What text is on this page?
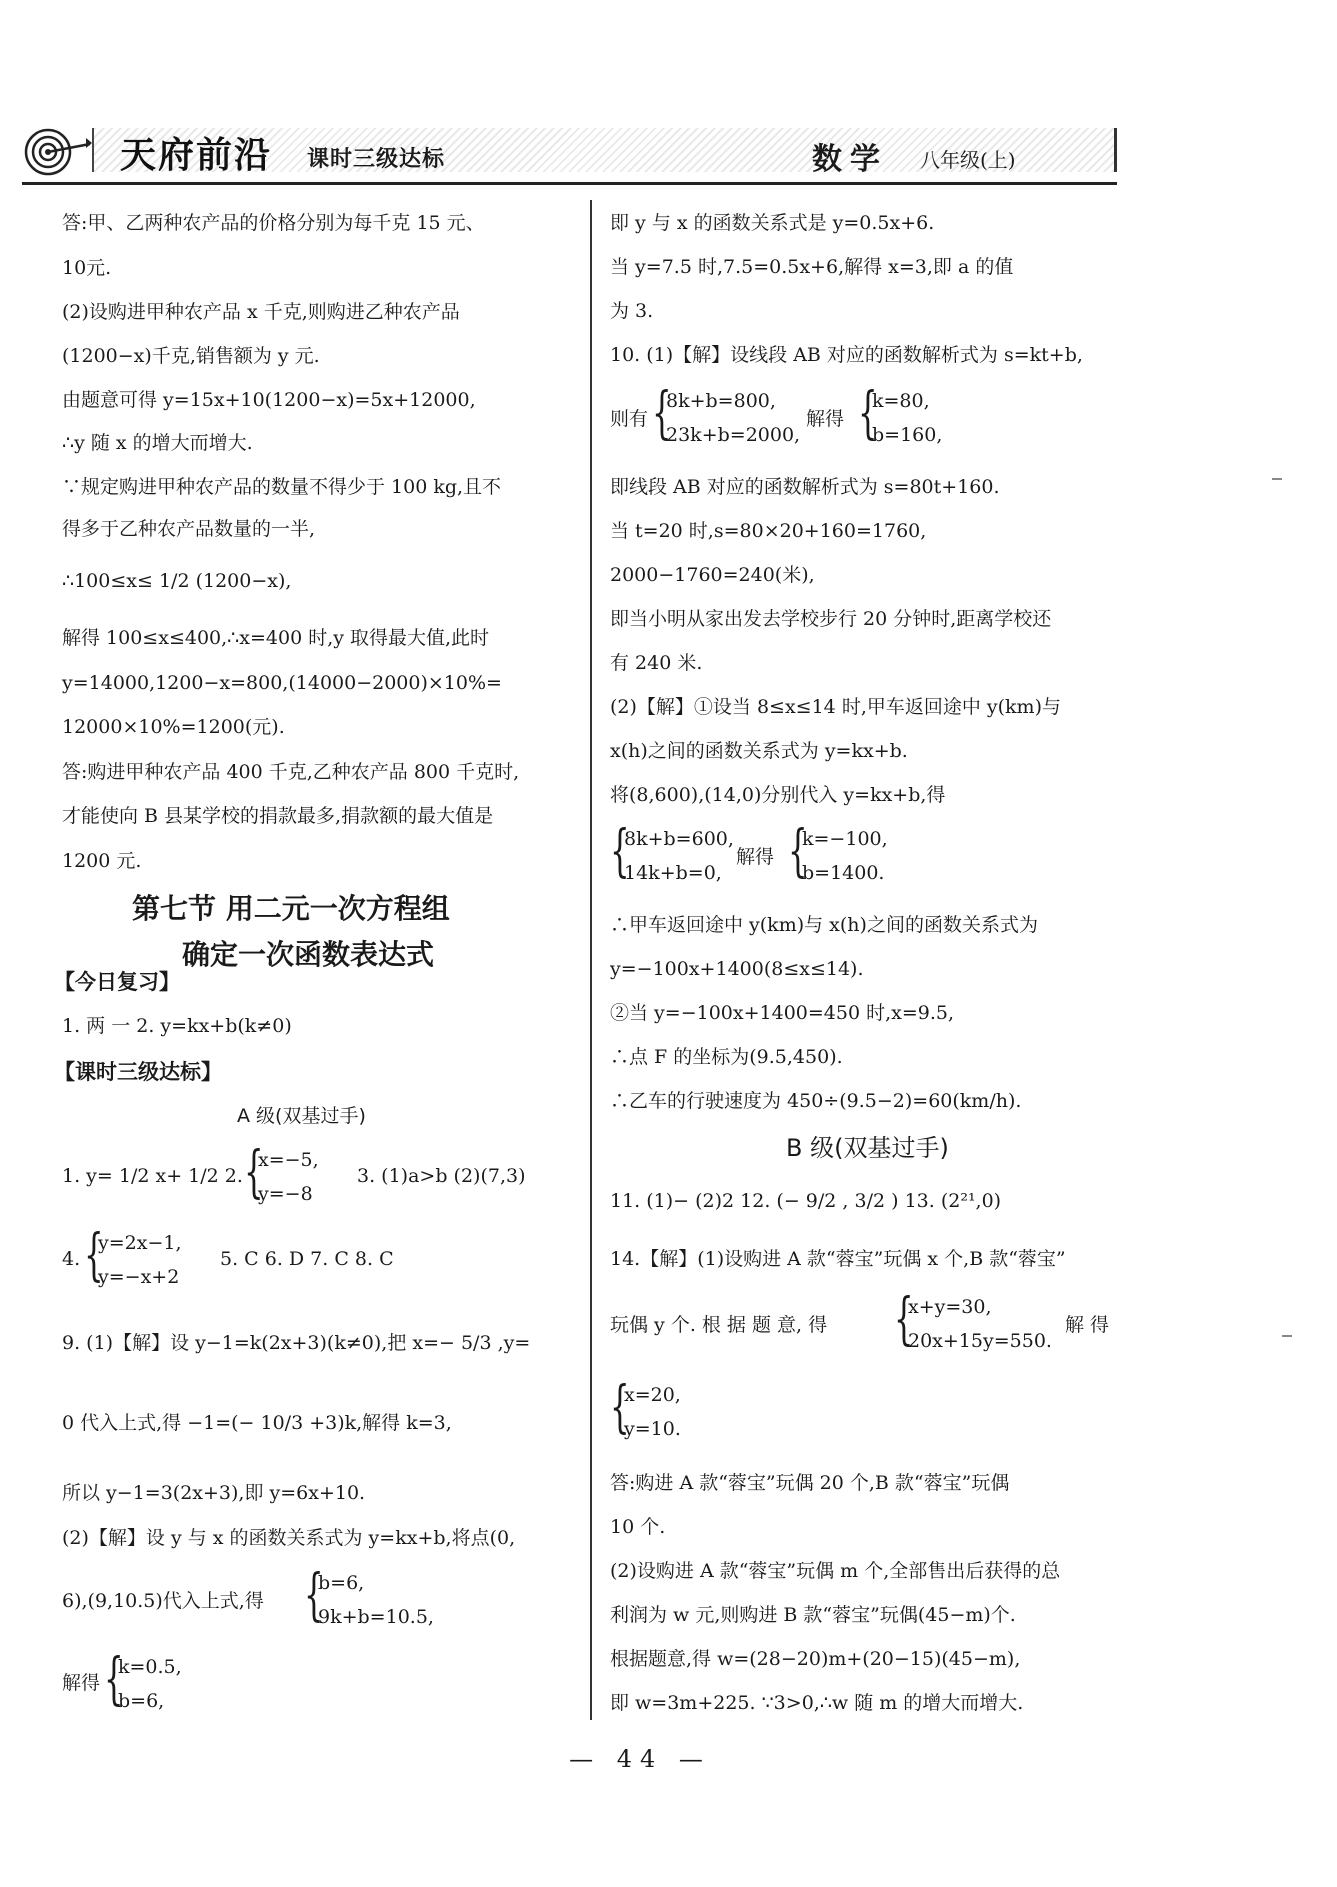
天府前沿 课时三级达标	数学 八年级(上)
答:甲、乙两种农产品的价格分别为每千克 15 元、
10元.
(2)设购进甲种农产品 x 千克,则购进乙种农产品
(1200−x)千克,销售额为 y 元.
由题意可得 y=15x+10(1200−x)=5x+12000,
∴y 随 x 的增大而增大.
∵规定购进甲种农产品的数量不得少于 100 kg,且不
得多于乙种农产品数量的一半,
∴100≤x≤ 1/2 (1200−x),
解得 100≤x≤400,∴x=400 时,y 取得最大值,此时
y=14000,1200−x=800,(14000−2000)×10%=
12000×10%=1200(元).
答:购进甲种农产品 400 千克,乙种农产品 800 千克时,
才能使向 B 县某学校的捐款最多,捐款额的最大值是
1200 元.
第七节 用二元一次方程组
确定一次函数表达式
【今日复习】
1. 两 一 2. y=kx+b(k≠0)
【课时三级达标】
A 级(双基过手)
1. y= 1/2 x+ 1/2 2. {
x=−5,
y=−8
3. (1)a>b (2)(7,3)
4. {
y=2x−1,
y=−x+2
5. C 6. D 7. C 8. C
9. (1)【解】设 y−1=k(2x+3)(k≠0),把 x=− 5/3 ,y=
0 代入上式,得 −1=(− 10/3 +3)k,解得 k=3,
所以 y−1=3(2x+3),即 y=6x+10.
(2)【解】设 y 与 x 的函数关系式为 y=kx+b,将点(0,
6),(9,10.5)代入上式,得 {
b=6,
9k+b=10.5,
解得 {
k=0.5,
b=6,
即 y 与 x 的函数关系式是 y=0.5x+6.
当 y=7.5 时,7.5=0.5x+6,解得 x=3,即 a 的值
为 3.
10. (1)【解】设线段 AB 对应的函数解析式为 s=kt+b,
则有 {
8k+b=800,
23k+b=2000,
解得 {
k=80,
b=160,
即线段 AB 对应的函数解析式为 s=80t+160.
当 t=20 时,s=80×20+160=1760,
2000−1760=240(米),
即当小明从家出发去学校步行 20 分钟时,距离学校还
有 240 米.
(2)【解】①设当 8≤x≤14 时,甲车返回途中 y(km)与
x(h)之间的函数关系式为 y=kx+b.
将(8,600),(14,0)分别代入 y=kx+b,得
{
8k+b=600,
14k+b=0,
解得 {
k=−100,
b=1400.
∴甲车返回途中 y(km)与 x(h)之间的函数关系式为
y=−100x+1400(8≤x≤14).
②当 y=−100x+1400=450 时,x=9.5,
∴点 F 的坐标为(9.5,450).
∴乙车的行驶速度为 450÷(9.5−2)=60(km/h).
B 级(双基过手)
11. (1)− (2)2 12. (− 9/2 , 3/2 ) 13. (2²¹,0)
14.【解】(1)设购进 A 款“蓉宝”玩偶 x 个,B 款“蓉宝”
玩偶 y 个. 根 据 题 意, 得 {
x+y=30,
20x+15y=550.
解 得
{
x=20,
y=10.
答:购进 A 款“蓉宝”玩偶 20 个,B 款“蓉宝”玩偶
10 个.
(2)设购进 A 款“蓉宝”玩偶 m 个,全部售出后获得的总
利润为 w 元,则购进 B 款“蓉宝”玩偶(45−m)个.
根据题意,得 w=(28−20)m+(20−15)(45−m),
即 w=3m+225. ∵3>0,∴w 随 m 的增大而增大.
— 44 —
